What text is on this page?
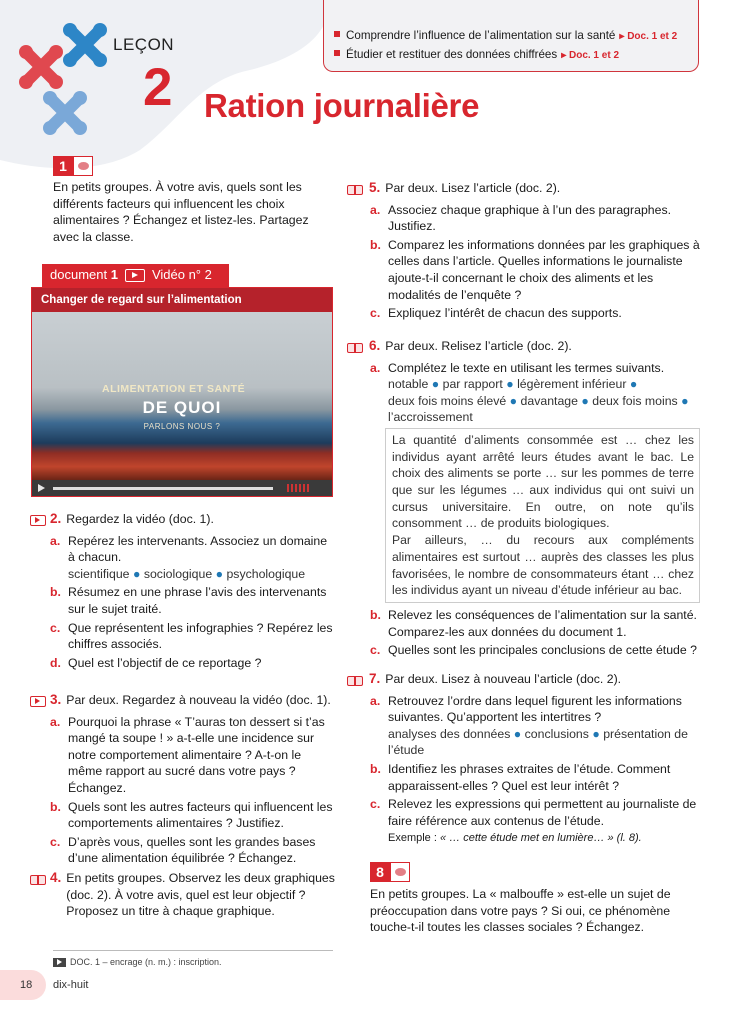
LEÇON
2 Ration journalière
Comprendre l’influence de l’alimentation sur la santé ▸ Doc. 1 et 2
Étudier et restituer des données chiffrées ▸ Doc. 1 et 2
1
En petits groupes. À votre avis, quels sont les différents facteurs qui influencent les choix alimentaires ? Échangez et listez-les. Partagez avec la classe.
document
1	Vidéo n° 2
Changer de regard sur l’alimentation
ALIMENTATION ET SANTÉ
DE QUOI
PARLONS NOUS ?
2. Regardez la vidéo (doc. 1).
a. Repérez les intervenants. Associez un domaine à chacun.
scientifique ● sociologique ● psychologique
b. Résumez en une phrase l’avis des intervenants sur le sujet traité.
c. Que représentent les infographies ? Repérez les chiffres associés.
d. Quel est l’objectif de ce reportage ?
3. Par deux. Regardez à nouveau la vidéo (doc. 1).
a. Pourquoi la phrase « T’auras ton dessert si t’as mangé ta soupe ! » a-t-elle une incidence sur notre comportement alimentaire ? A-t-on le même rapport au sucré dans votre pays ? Échangez.
b. Quels sont les autres facteurs qui influencent les comportements alimentaires ? Justifiez.
c. D’après vous, quelles sont les grandes bases d’une alimentation équilibrée ? Échangez.
4. En petits groupes. Observez les deux graphiques (doc. 2). À votre avis, quel est leur objectif ? Proposez un titre à chaque graphique.
DOC. 1 – encrage (n. m.) : inscription.
18 dix-huit
5. Par deux. Lisez l’article (doc. 2).
a. Associez chaque graphique à l’un des paragraphes. Justifiez.
b. Comparez les informations données par les graphiques à celles dans l’article. Quelles informations le journaliste ajoute-t-il concernant le choix des aliments et les modalités de l’enquête ?
c. Expliquez l’intérêt de chacun des supports.
6. Par deux. Relisez l’article (doc. 2).
a. Complétez le texte en utilisant les termes suivants.
notable ● par rapport ● légèrement inférieur ●
deux fois moins élevé ● davantage ● deux fois moins ●
l’accroissement
La quantité d’aliments consommée est … chez les individus ayant arrêté leurs études avant le bac. Le choix des aliments se porte … sur les pommes de terre que sur les légumes … aux individus qui ont suivi un cursus universitaire. En outre, on note qu’ils consomment … de produits biologiques.
Par ailleurs, … du recours aux compléments alimentaires est surtout … auprès des classes les plus favorisées, le nombre de consommateurs étant … chez les individus ayant un niveau d’étude inférieur au bac.
b. Relevez les conséquences de l’alimentation sur la santé. Comparez-les aux données du document 1.
c. Quelles sont les principales conclusions de cette étude ?
7. Par deux. Lisez à nouveau l’article (doc. 2).
a. Retrouvez l’ordre dans lequel figurent les informations suivantes. Qu’apportent les intertitres ?
analyses des données ● conclusions ● présentation de l’étude
b. Identifiez les phrases extraites de l’étude. Comment apparaissent-elles ? Quel est leur intérêt ?
c. Relevez les expressions qui permettent au journaliste de faire référence aux contenus de l’étude.
Exemple : « … cette étude met en lumière… » (l. 8).
8
En petits groupes. La « malbouffe » est-elle un sujet de préoccupation dans votre pays ? Si oui, ce phénomène touche-t-il toutes les classes sociales ? Échangez.
